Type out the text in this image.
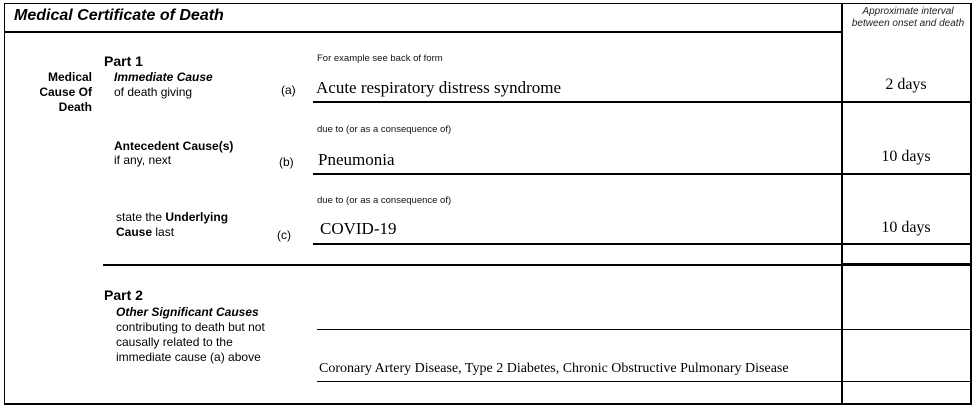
Medical Certificate of Death	Approximate interval between onset and death
Medical
Cause Of
Death
Part 1	For example see back of form
Immediate Cause
of death giving	(a) Acute respiratory distress syndrome	2 days
due to (or as a consequence of)
Antecedent Cause(s)
if any, next	(b) Pneumonia	10 days
due to (or as a consequence of)
state the Underlying
Cause last	(c) COVID-19	10 days
Part 2
Other Significant Causes
contributing to death but not
causally related to the
immediate cause (a) above
Coronary Artery Disease, Type 2 Diabetes, Chronic Obstructive Pulmonary Disease
